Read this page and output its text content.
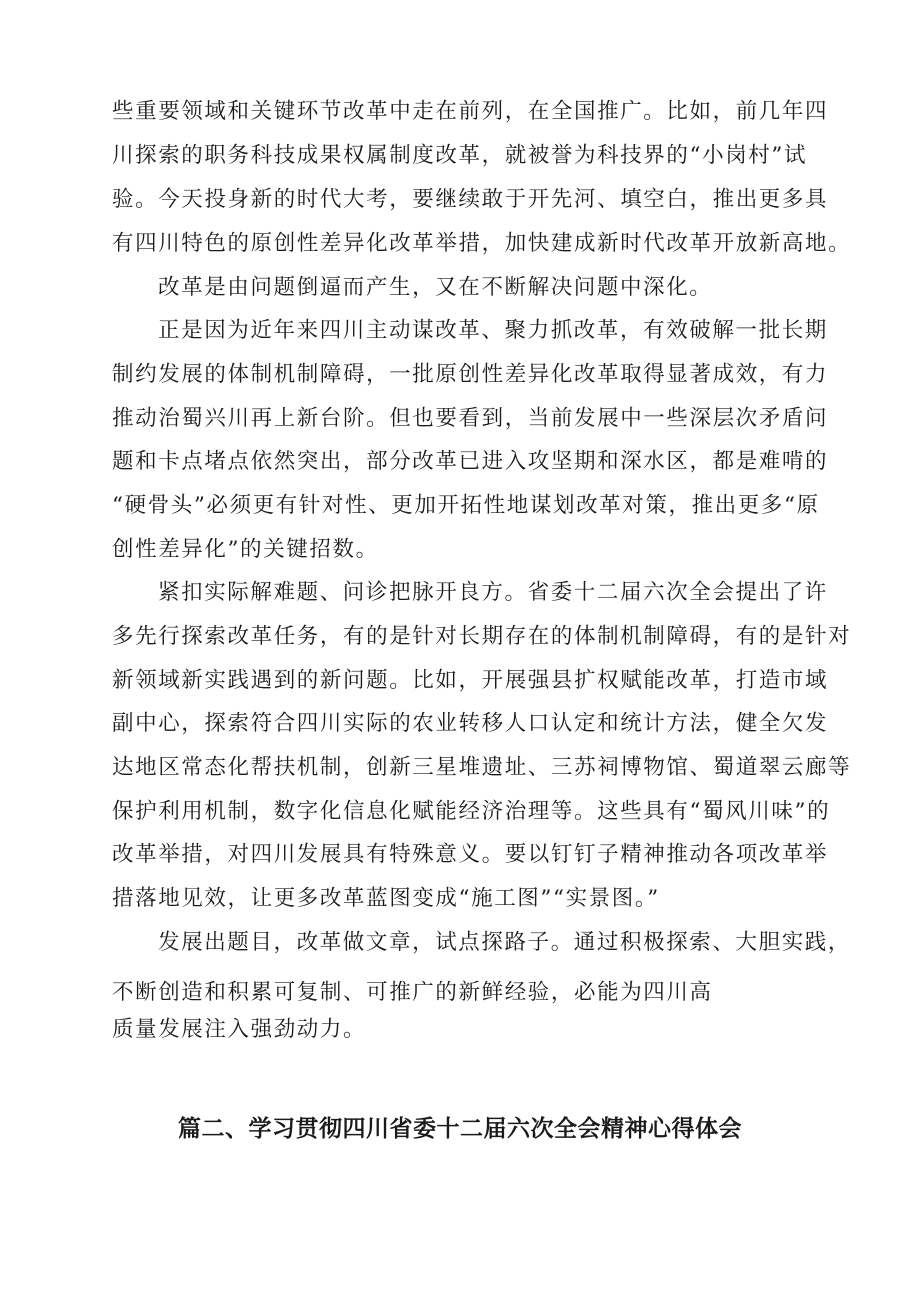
些重要领域和关键环节改革中走在前列，在全国推广。比如，前几年四
川探索的职务科技成果权属制度改革，就被誉为科技界的“小岗村”试
验。今天投身新的时代大考，要继续敢于开先河、填空白，推出更多具
有四川特色的原创性差异化改革举措，加快建成新时代改革开放新高地。
改革是由问题倒逼而产生，又在不断解决问题中深化。
正是因为近年来四川主动谋改革、聚力抓改革，有效破解一批长期
制约发展的体制机制障碍，一批原创性差异化改革取得显著成效，有力
推动治蜀兴川再上新台阶。但也要看到，当前发展中一些深层次矛盾问
题和卡点堵点依然突出，部分改革已进入攻坚期和深水区，都是难啃的
“硬骨头”必须更有针对性、更加开拓性地谋划改革对策，推出更多“原
创性差异化”的关键招数。
紧扣实际解难题、问诊把脉开良方。省委十二届六次全会提出了许
多先行探索改革任务，有的是针对长期存在的体制机制障碍，有的是针对
新领域新实践遇到的新问题。比如，开展强县扩权赋能改革，打造市域
副中心，探索符合四川实际的农业转移人口认定和统计方法，健全欠发
达地区常态化帮扶机制，创新三星堆遗址、三苏祠博物馆、蜀道翠云廊等
保护利用机制，数字化信息化赋能经济治理等。这些具有“蜀风川味”的
改革举措，对四川发展具有特殊意义。要以钉钉子精神推动各项改革举
措落地见效，让更多改革蓝图变成“施工图”“实景图。”
发展出题目，改革做文章，试点探路子。通过积极探索、大胆实践，
不断创造和积累可复制、可推广的新鲜经验，必能为四川高
质量发展注入强劲动力。
篇二、学习贯彻四川省委十二届六次全会精神心得体会
